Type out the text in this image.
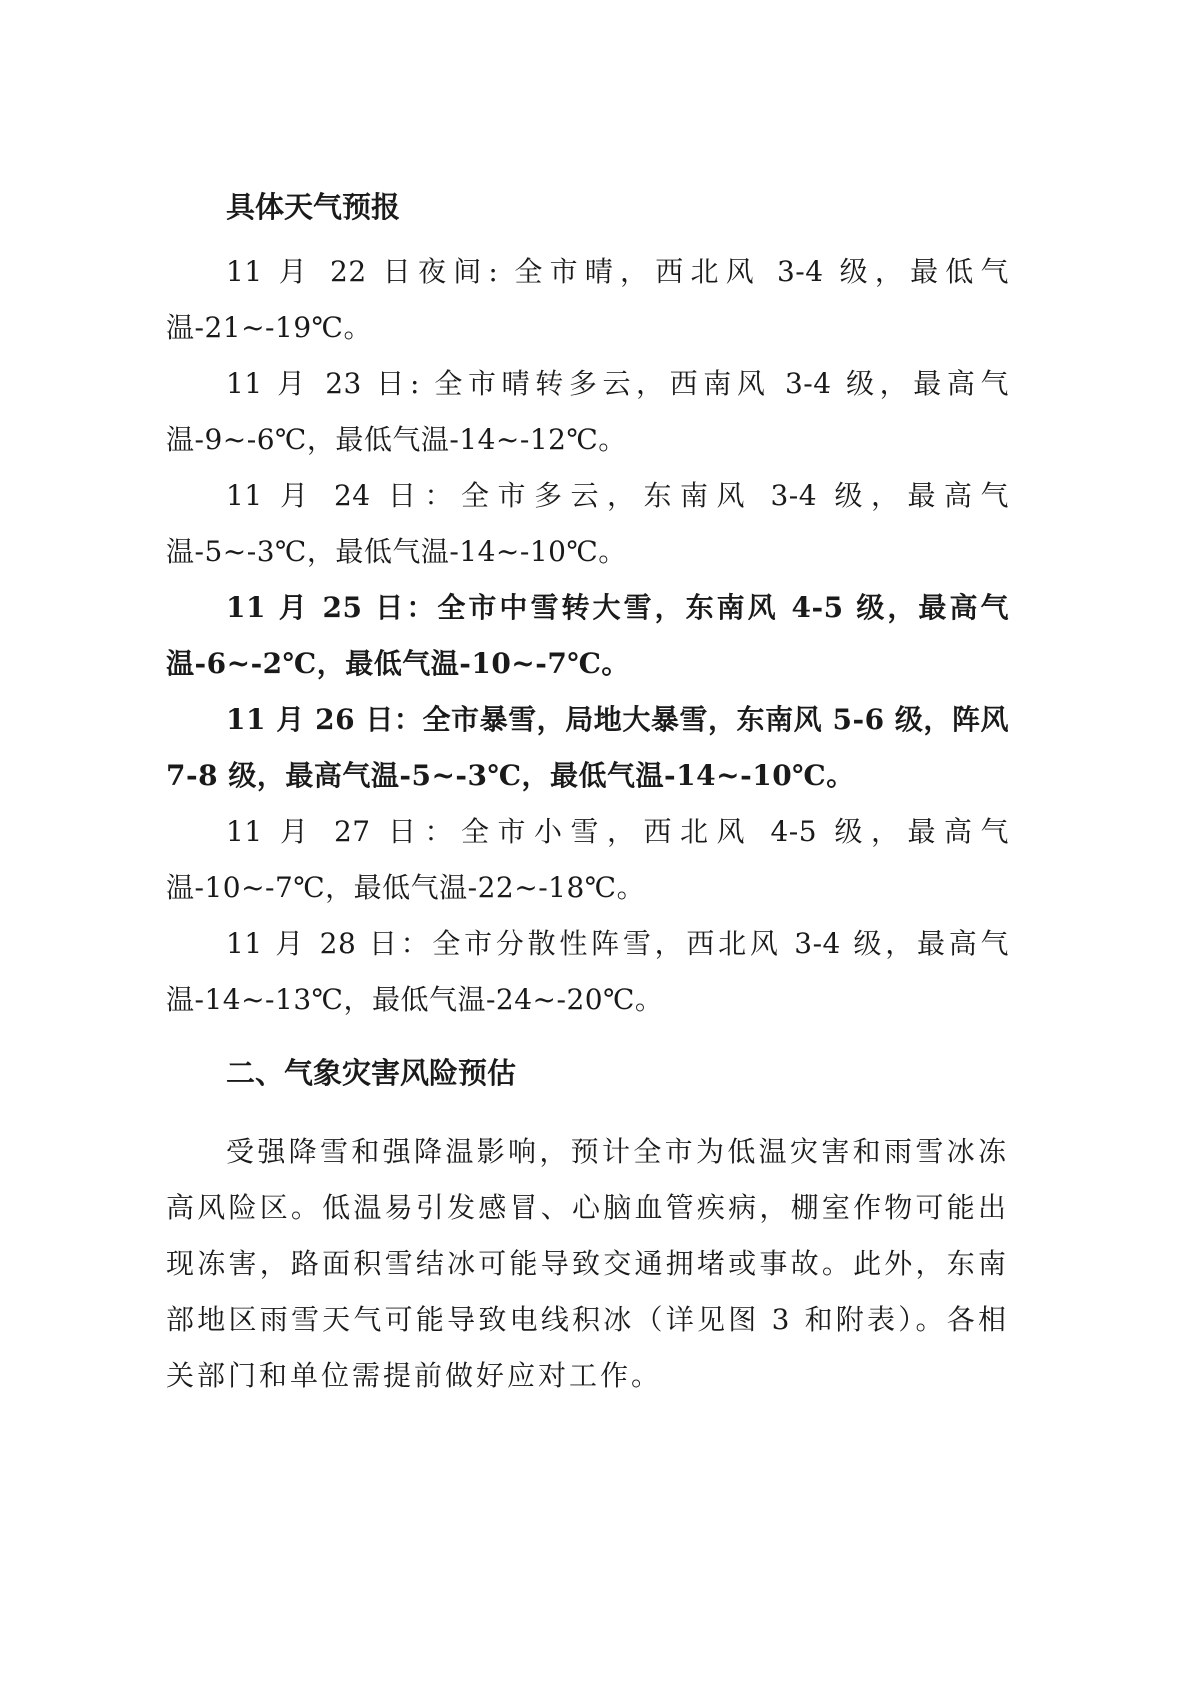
具体天气预报

11 月 22 日夜间: 全市晴，西北风 3-4 级，最低气温-21~-19℃。

11 月 23 日: 全市晴转多云，西南风 3-4 级，最高气温-9~-6℃，最低气温-14~-12℃。

11 月 24 日：全市多云，东南风 3-4 级，最高气温-5~-3℃，最低气温-14~-10℃。

11 月 25 日：全市中雪转大雪，东南风 4-5 级，最高气温-6~-2℃，最低气温-10~-7℃。

11 月 26 日：全市暴雪，局地大暴雪，东南风 5-6 级，阵风 7-8 级，最高气温-5~-3℃，最低气温-14~-10℃。

11 月 27 日：全市小雪，西北风 4-5 级，最高气温-10~-7℃，最低气温-22~-18℃。

11 月 28 日：全市分散性阵雪，西北风 3-4 级，最高气温-14~-13℃，最低气温-24~-20℃。

二、气象灾害风险预估

受强降雪和强降温影响，预计全市为低温灾害和雨雪冰冻高风险区。低温易引发感冒、心脑血管疾病，棚室作物可能出现冻害，路面积雪结冰可能导致交通拥堵或事故。此外，东南部地区雨雪天气可能导致电线积冰（详见图 3 和附表）。各相关部门和单位需提前做好应对工作。
